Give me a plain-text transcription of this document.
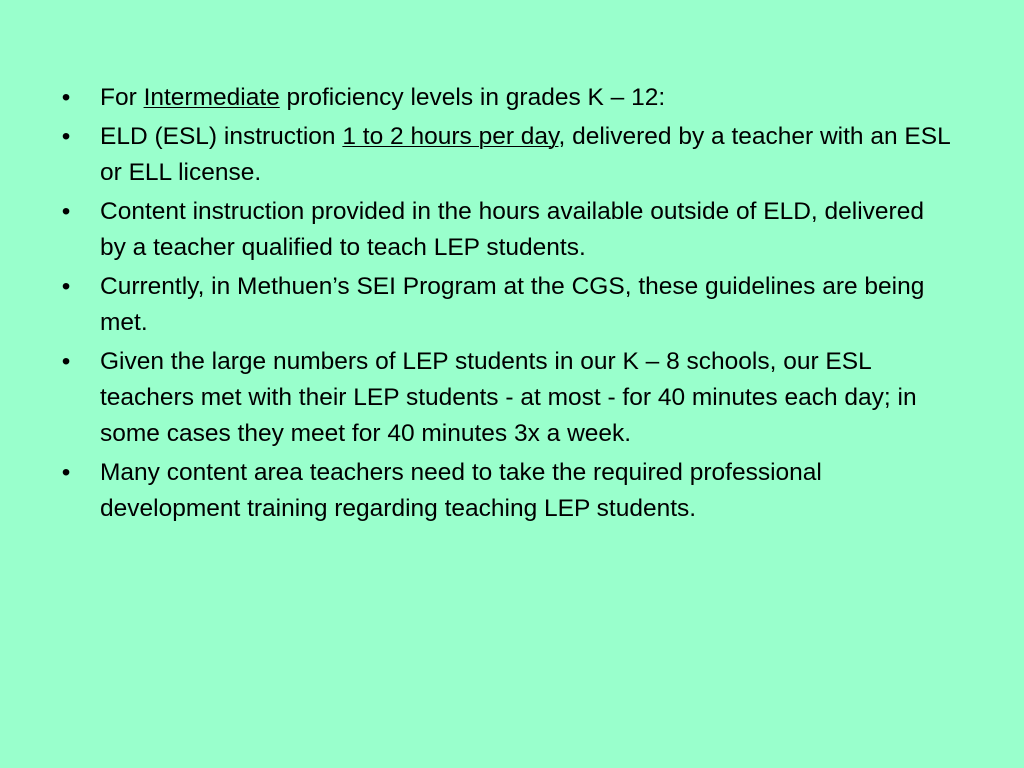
• For Intermediate proficiency levels in grades K – 12:
• ELD (ESL) instruction 1 to 2 hours per day, delivered by a teacher with an ESL or ELL license.
• Content instruction provided in the hours available outside of ELD, delivered by a teacher qualified to teach LEP students.
• Currently, in Methuen’s SEI Program at the CGS, these guidelines are being met.
• Given the large numbers of LEP students in our K – 8 schools, our ESL teachers met with their LEP students - at most - for 40 minutes each day; in some cases they meet for 40 minutes 3x a week.
• Many content area teachers need to take the required professional development training regarding teaching LEP students.
